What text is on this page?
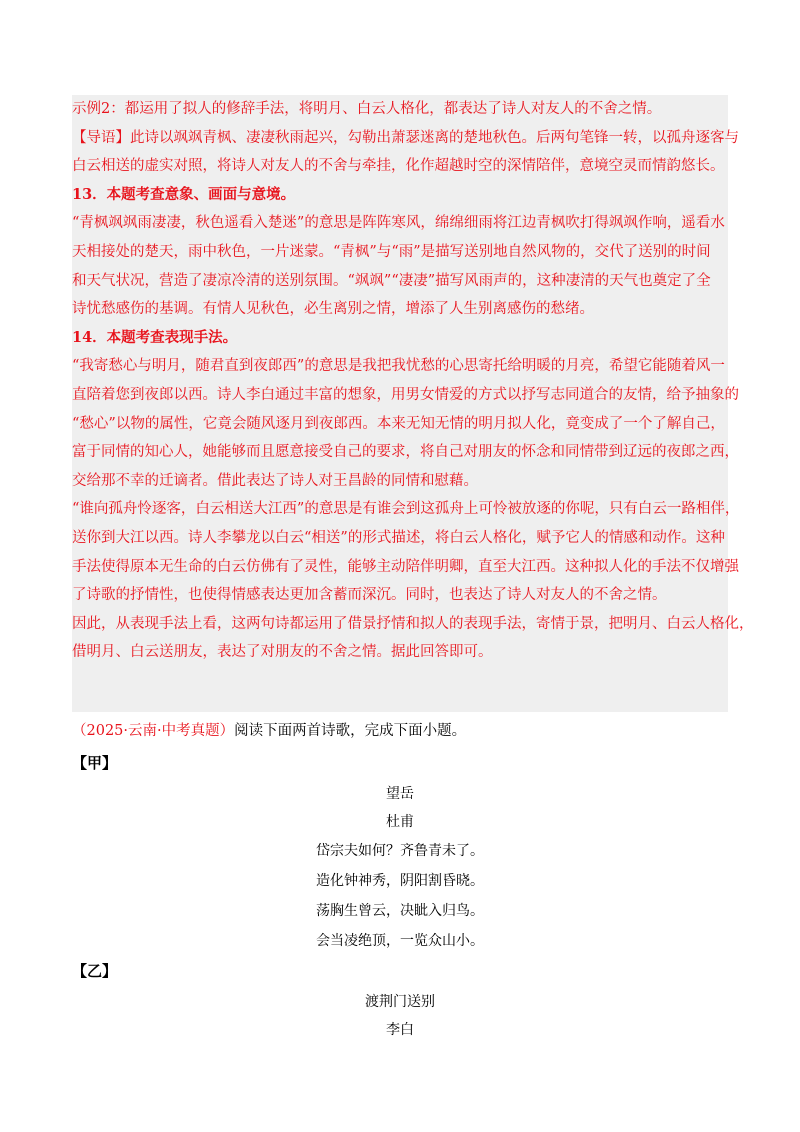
示例2：都运用了拟人的修辞手法，将明月、白云人格化，都表达了诗人对友人的不舍之情。

【导语】此诗以飒飒青枫、凄凄秋雨起兴，勾勒出萧瑟迷离的楚地秋色。后两句笔锋一转，以孤舟逐客与

白云相送的虚实对照，将诗人对友人的不舍与牵挂，化作超越时空的深情陪伴，意境空灵而情韵悠长。

13．本题考查意象、画面与意境。

“青枫飒飒雨凄凄，秋色遥看入楚迷”的意思是阵阵寒风，绵绵细雨将江边青枫吹打得飒飒作响，遥看水

天相接处的楚天，雨中秋色，一片迷蒙。“青枫”与“雨”是描写送别地自然风物的，交代了送别的时间

和天气状况，营造了凄凉冷清的送别氛围。“飒飒”“凄凄”描写风雨声的，这种凄清的天气也奠定了全

诗忧愁感伤的基调。有情人见秋色，必生离别之情，增添了人生别离感伤的愁绪。

14．本题考查表现手法。

“我寄愁心与明月，随君直到夜郎西”的意思是我把我忧愁的心思寄托给明暖的月亮，希望它能随着风一

直陪着您到夜郎以西。诗人李白通过丰富的想象，用男女情爱的方式以抒写志同道合的友情，给予抽象的

“愁心”以物的属性，它竟会随风逐月到夜郎西。本来无知无情的明月拟人化，竟变成了一个了解自己，

富于同情的知心人，她能够而且愿意接受自己的要求，将自己对朋友的怀念和同情带到辽远的夜郎之西，

交给那不幸的迁谪者。借此表达了诗人对王昌龄的同情和慰藉。

“谁向孤舟怜逐客，白云相送大江西”的意思是有谁会到这孤舟上可怜被放逐的你呢，只有白云一路相伴，

送你到大江以西。诗人李攀龙以白云“相送”的形式描述，将白云人格化，赋予它人的情感和动作。这种

手法使得原本无生命的白云仿佛有了灵性，能够主动陪伴明卿，直至大江西。这种拟人化的手法不仅增强

了诗歌的抒情性，也使得情感表达更加含蓄而深沉。同时，也表达了诗人对友人的不舍之情。

因此，从表现手法上看，这两句诗都运用了借景抒情和拟人的表现手法，寄情于景，把明月、白云人格化，

借明月、白云送朋友，表达了对朋友的不舍之情。据此回答即可。

（2025·云南·中考真题）阅读下面两首诗歌，完成下面小题。
【甲】
望岳
杜甫
岱宗夫如何？齐鲁青未了。
造化钟神秀，阴阳割昏晓。
荡胸生曾云，决眦入归鸟。
会当凌绝顶，一览众山小。
【乙】
渡荆门送别
李白
